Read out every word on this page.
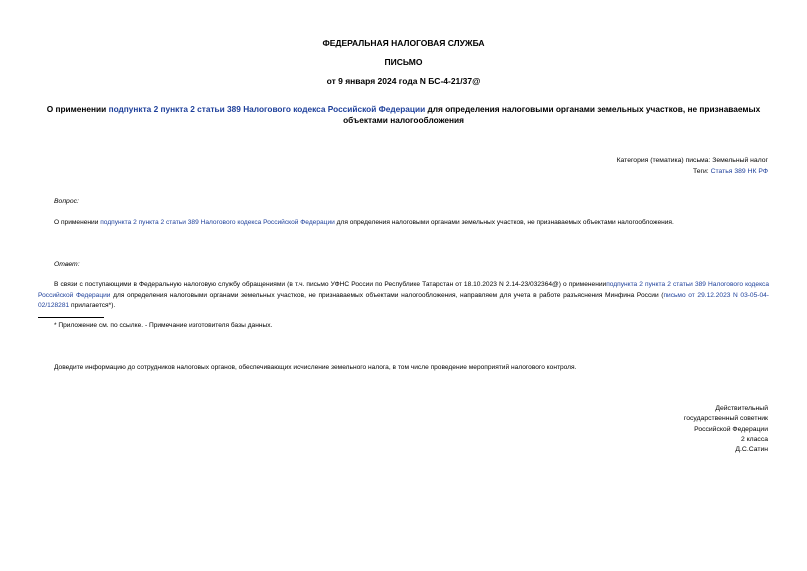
ФЕДЕРАЛЬНАЯ НАЛОГОВАЯ СЛУЖБА
ПИСЬМО
от 9 января 2024 года N БС-4-21/37@
О применении подпункта 2 пункта 2 статьи 389 Налогового кодекса Российской Федерации для определения налоговыми органами земельных участков, не признаваемых объектами налогообложения
Категория (тематика) письма: Земельный налог
Теги: Статья 389 НК РФ
Вопрос:
О применении подпункта 2 пункта 2 статьи 389 Налогового кодекса Российской Федерации для определения налоговыми органами земельных участков, не признаваемых объектами налогообложения.
Ответ:
В связи с поступающими в Федеральную налоговую службу обращениями (в т.ч. письмо УФНС России по Республике Татарстан от 18.10.2023 N 2.14-23/032364@) о примененииподпункта 2 пункта 2 статьи 389 Налогового кодекса Российской Федерации для определения налоговыми органами земельных участков, не признаваемых объектами налогообложения, направляем для учета в работе разъяснения Минфина России (письмо от 29.12.2023 N 03-05-04-02/128281 прилагается*).
* Приложение см. по ссылке. - Примечание изготовителя базы данных.
Доведите информацию до сотрудников налоговых органов, обеспечивающих исчисление земельного налога, в том числе проведение мероприятий налогового контроля.
Действительный
государственный советник
Российской Федерации
2 класса
Д.С.Сатин
